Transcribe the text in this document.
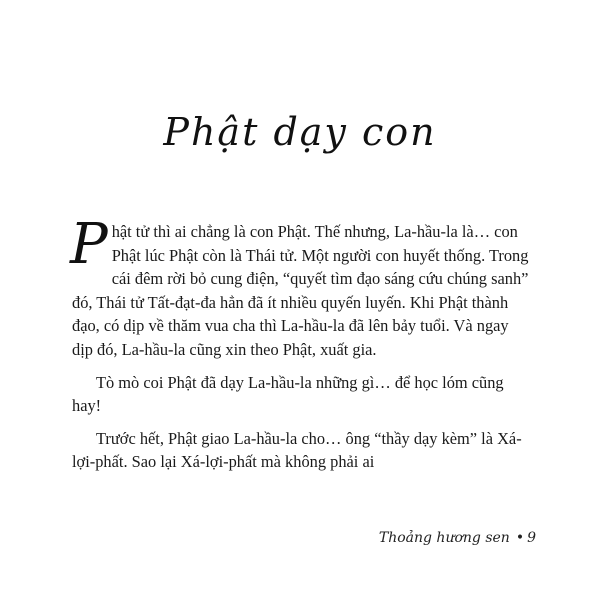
Phật dạy con

Phật tử thì ai chẳng là con Phật. Thế nhưng, La-hầu-la là… con Phật lúc Phật còn là Thái tử. Một người con huyết thống. Trong cái đêm rời bỏ cung điện, “quyết tìm đạo sáng cứu chúng sanh” đó, Thái tử Tất-đạt-đa hẳn đã ít nhiều quyến luyến. Khi Phật thành đạo, có dịp về thăm vua cha thì La-hầu-la đã lên bảy tuổi. Và ngay dịp đó, La-hầu-la cũng xin theo Phật, xuất gia.

Tò mò coi Phật đã dạy La-hầu-la những gì… để học lóm cũng hay!

Trước hết, Phật giao La-hầu-la cho… ông “thầy dạy kèm” là Xá-lợi-phất. Sao lại Xá-lợi-phất mà không phải ai

Thoảng hương sen • 9
